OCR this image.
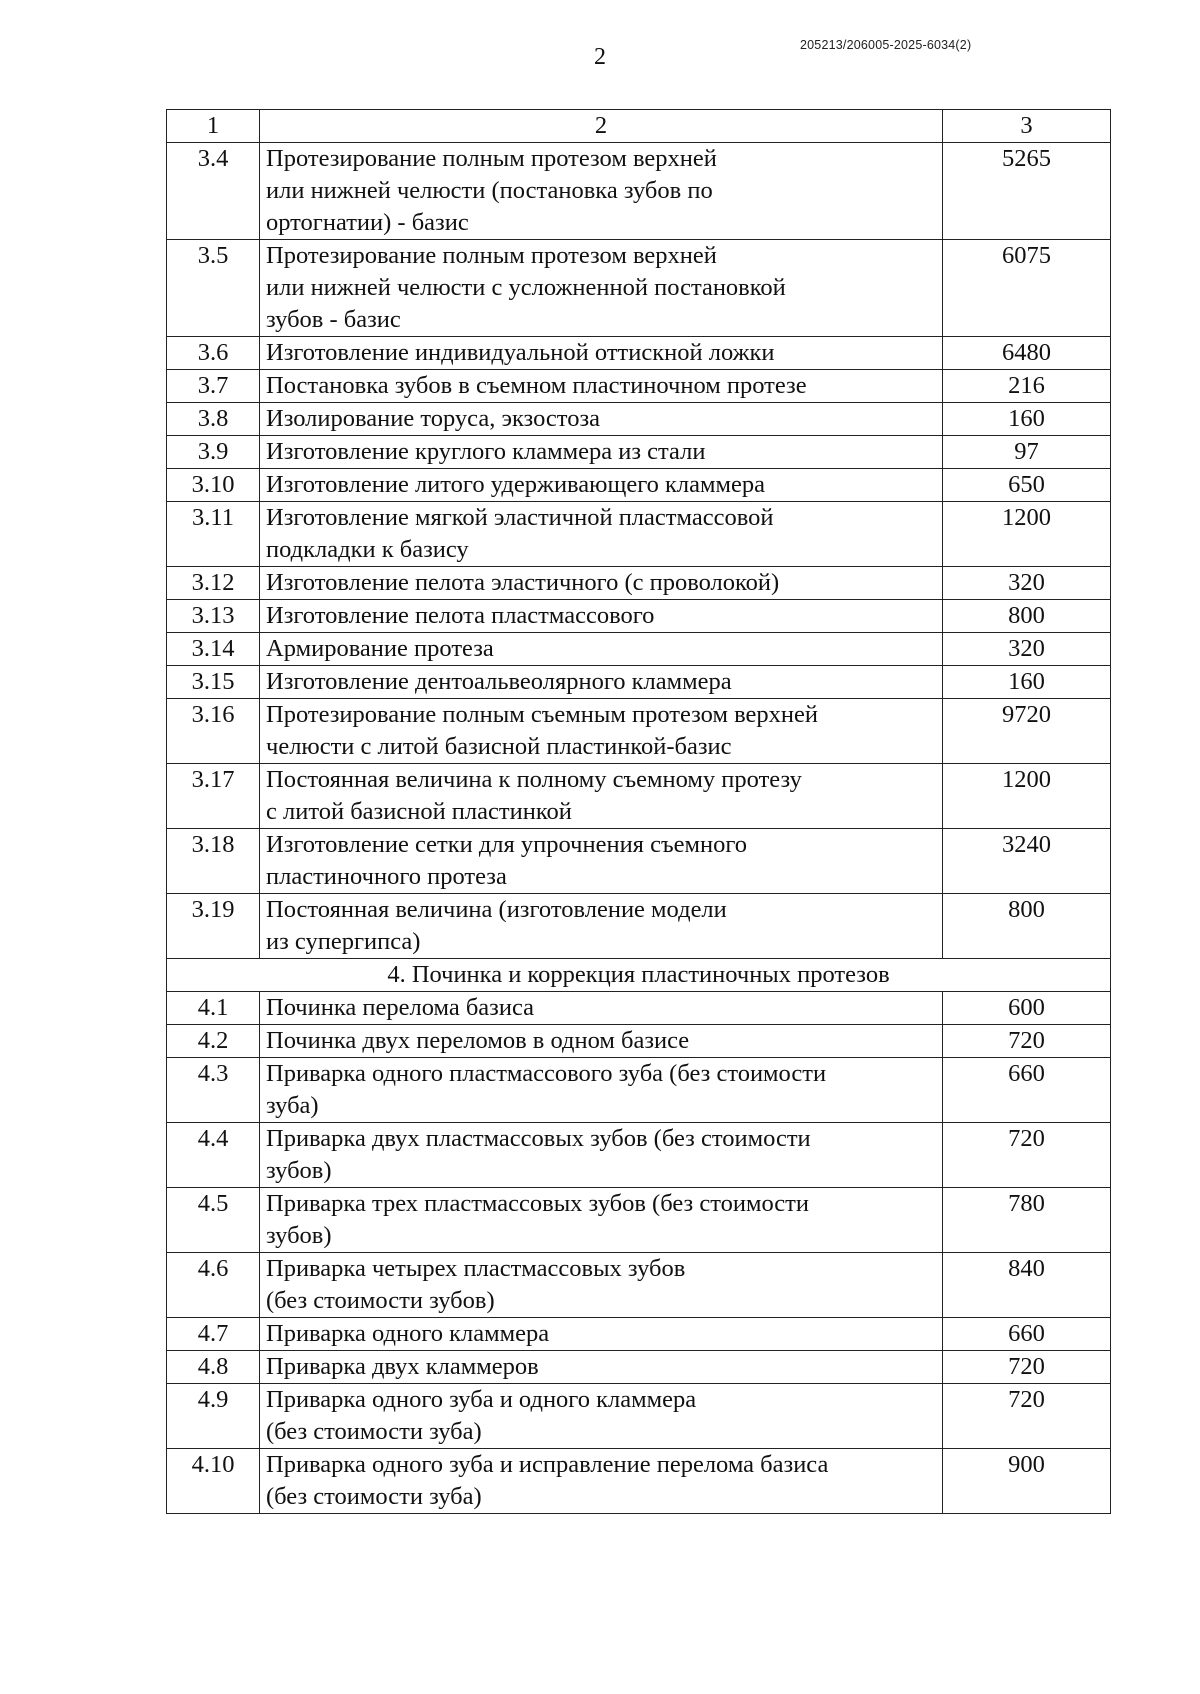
2	205213/206005-2025-6034(2)
1	2	3
3.4	Протезирование полным протезом верхней
или нижней челюсти (постановка зубов по
ортогнатии) - базис	5265
3.5	Протезирование полным протезом верхней
или нижней челюсти с усложненной постановкой
зубов - базис	6075
3.6	Изготовление индивидуальной оттискной ложки	6480
3.7	Постановка зубов в съемном пластиночном протезе	216
3.8	Изолирование торуса, экзостоза	160
3.9	Изготовление круглого кламмера из стали	97
3.10	Изготовление литого удерживающего кламмера	650
3.11	Изготовление мягкой эластичной пластмассовой
подкладки к базису	1200
3.12	Изготовление пелота эластичного (с проволокой)	320
3.13	Изготовление пелота пластмассового	800
3.14	Армирование протеза	320
3.15	Изготовление дентоальвеолярного кламмера	160
3.16	Протезирование полным съемным протезом верхней
челюсти с литой базисной пластинкой-базис	9720
3.17	Постоянная величина к полному съемному протезу
с литой базисной пластинкой	1200
3.18	Изготовление сетки для упрочнения съемного
пластиночного протеза	3240
3.19	Постоянная величина (изготовление модели
из супергипса)	800
4. Починка и коррекция пластиночных протезов		
4.1	Починка перелома базиса	600
4.2	Починка двух переломов в одном базисе	720
4.3	Приварка одного пластмассового зуба (без стоимости
зуба)	660
4.4	Приварка двух пластмассовых зубов (без стоимости
зубов)	720
4.5	Приварка трех пластмассовых зубов (без стоимости
зубов)	780
4.6	Приварка четырех пластмассовых зубов
(без стоимости зубов)	840
4.7	Приварка одного кламмера	660
4.8	Приварка двух кламмеров	720
4.9	Приварка одного зуба и одного кламмера
(без стоимости зуба)	720
4.10	Приварка одного зуба и исправление перелома базиса
(без стоимости зуба)	900
